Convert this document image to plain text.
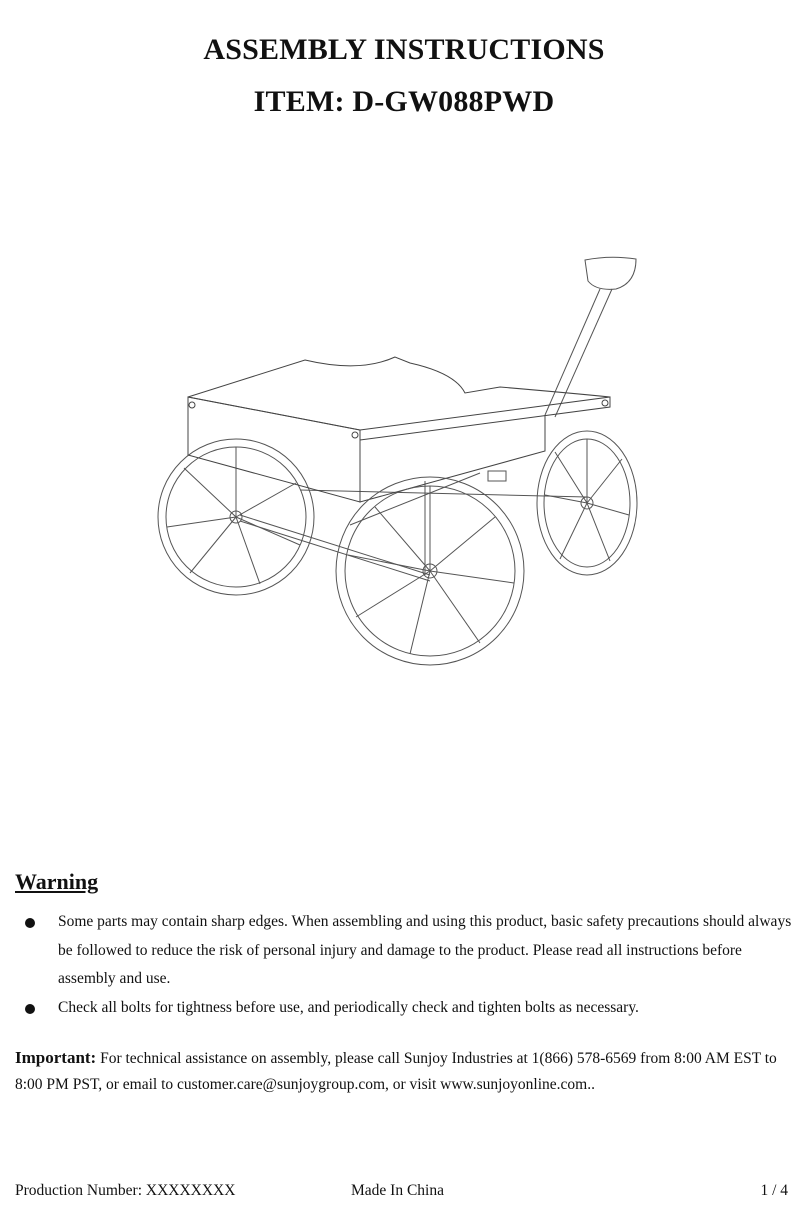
ASSEMBLY INSTRUCTIONS
ITEM: D-GW088PWD
Warning
Some parts may contain sharp edges. When assembling and using this product, basic safety precautions should always be followed to reduce the risk of personal injury and damage to the product. Please read all instructions before assembly and use.
Check all bolts for tightness before use, and periodically check and tighten bolts as necessary.
Important: For technical assistance on assembly, please call Sunjoy Industries at 1(866) 578-6569 from 8:00 AM EST to 8:00 PM PST, or email to customer.care@sunjoygroup.com, or visit www.sunjoyonline.com..
Production Number: XXXXXXXX	Made In China	1 / 4
